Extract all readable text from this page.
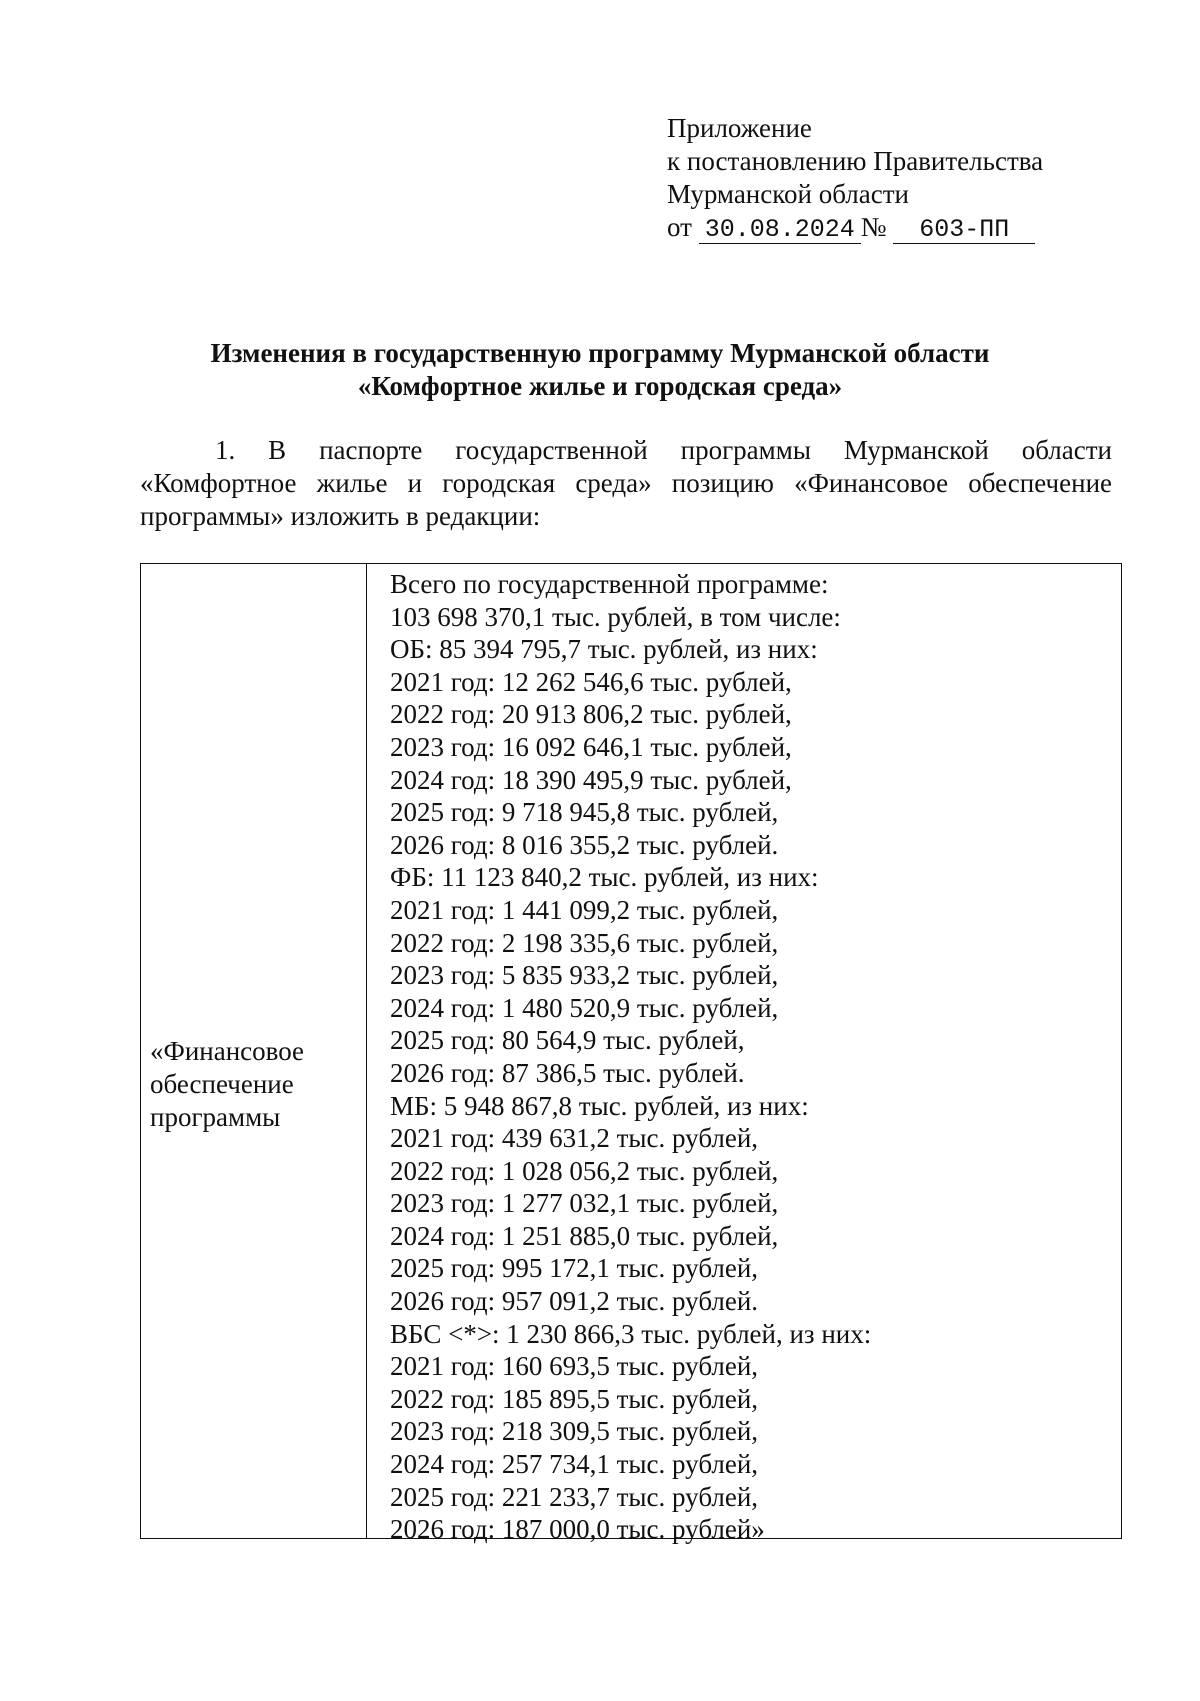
Приложение
к постановлению Правительства
Мурманской области
от 30.08.2024 № 603-ПП
Изменения в государственную программу Мурманской области
«Комфортное жилье и городская среда»
1. В паспорте государственной программы Мурманской области «Комфортное жилье и городская среда» позицию «Финансовое обеспечение программы» изложить в редакции:
«Финансовое
обеспечение
программы
Всего по государственной программе:
103 698 370,1 тыс. рублей, в том числе:
ОБ: 85 394 795,7 тыс. рублей, из них:
2021 год: 12 262 546,6 тыс. рублей,
2022 год: 20 913 806,2 тыс. рублей,
2023 год: 16 092 646,1 тыс. рублей,
2024 год: 18 390 495,9 тыс. рублей,
2025 год: 9 718 945,8 тыс. рублей,
2026 год: 8 016 355,2 тыс. рублей.
ФБ: 11 123 840,2 тыс. рублей, из них:
2021 год: 1 441 099,2 тыс. рублей,
2022 год: 2 198 335,6 тыс. рублей,
2023 год: 5 835 933,2 тыс. рублей,
2024 год: 1 480 520,9 тыс. рублей,
2025 год: 80 564,9 тыс. рублей,
2026 год: 87 386,5 тыс. рублей.
МБ: 5 948 867,8 тыс. рублей, из них:
2021 год: 439 631,2 тыс. рублей,
2022 год: 1 028 056,2 тыс. рублей,
2023 год: 1 277 032,1 тыс. рублей,
2024 год: 1 251 885,0 тыс. рублей,
2025 год: 995 172,1 тыс. рублей,
2026 год: 957 091,2 тыс. рублей.
ВБС <*>: 1 230 866,3 тыс. рублей, из них:
2021 год: 160 693,5 тыс. рублей,
2022 год: 185 895,5 тыс. рублей,
2023 год: 218 309,5 тыс. рублей,
2024 год: 257 734,1 тыс. рублей,
2025 год: 221 233,7 тыс. рублей,
2026 год: 187 000,0 тыс. рублей»
